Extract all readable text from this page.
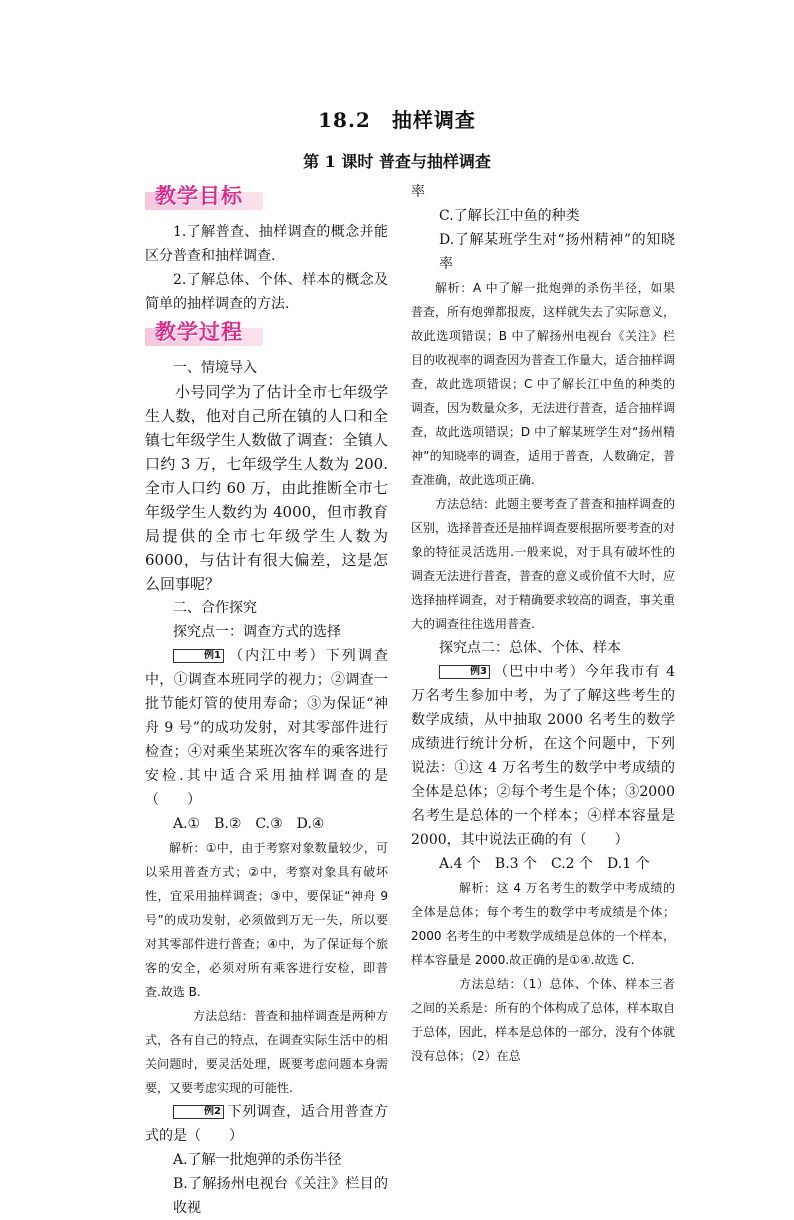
18.2　抽样调查
第 1 课时 普查与抽样调查
教学目标

1.了解普查、抽样调查的概念并能区分普查和抽样调查.

2.了解总体、个体、样本的概念及简单的抽样调查的方法.

教学过程

一、情境导入

小号同学为了估计全市七年级学生人数，他对自己所在镇的人口和全镇七年级学生人数做了调查：全镇人口约 3 万，七年级学生人数为 200.全市人口约 60 万，由此推断全市七年级学生人数约为 4000，但市教育局提供的全市七年级学生人数为 6000，与估计有很大偏差，这是怎么回事呢？

二、合作探究

探究点一：调查方式的选择

例1 （内江中考）下列调查中，①调查本班同学的视力；②调查一批节能灯管的使用寿命；③为保证“神舟 9 号”的成功发射，对其零部件进行检查；④对乘坐某班次客车的乘客进行安检.其中适合采用抽样调查的是（　　）

A.①　B.②　C.③　D.④

解析：①中，由于考察对象数量较少，可以采用普查方式；②中，考察对象具有破坏性，宜采用抽样调查；③中，要保证“神舟 9 号”的成功发射，必须做到万无一失，所以要对其零部件进行普查；④中，为了保证每个旅客的安全，必须对所有乘客进行安检，即普查.故选 B.

方法总结：普查和抽样调查是两种方式，各有自己的特点，在调查实际生活中的相关问题时，要灵活处理，既要考虑问题本身需要，又要考虑实现的可能性.

例2 下列调查，适合用普查方式的是（　　）

A.了解一批炮弹的杀伤半径

B.了解扬州电视台《关注》栏目的收视

率

C.了解长江中鱼的种类

D.了解某班学生对“扬州精神”的知晓率

解析：A 中了解一批炮弹的杀伤半径，如果普查，所有炮弹都报废，这样就失去了实际意义，故此选项错误；B 中了解扬州电视台《关注》栏目的收视率的调查因为普查工作量大，适合抽样调查，故此选项错误；C 中了解长江中鱼的种类的调查，因为数量众多，无法进行普查，适合抽样调查，故此选项错误；D 中了解某班学生对“扬州精神”的知晓率的调查，适用于普查，人数确定，普查准确，故此选项正确.

方法总结：此题主要考查了普查和抽样调查的区别，选择普查还是抽样调查要根据所要考查的对象的特征灵活选用.一般来说，对于具有破坏性的调查无法进行普查，普查的意义或价值不大时，应选择抽样调查，对于精确要求较高的调查，事关重大的调查往往选用普查.

探究点二：总体、个体、样本

例3 （巴中中考）今年我市有 4 万名考生参加中考，为了了解这些考生的数学成绩，从中抽取 2000 名考生的数学成绩进行统计分析，在这个问题中，下列说法：①这 4 万名考生的数学中考成绩的全体是总体；②每个考生是个体；③2000 名考生是总体的一个样本；④样本容量是 2000，其中说法正确的有（　　）

A.4 个　B.3 个　C.2 个　D.1 个

解析：这 4 万名考生的数学中考成绩的全体是总体；每个考生的数学中考成绩是个体；2000 名考生的中考数学成绩是总体的一个样本，样本容量是 2000.故正确的是①④.故选 C.

方法总结：（1）总体、个体、样本三者之间的关系是：所有的个体构成了总体，样本取自于总体，因此，样本是总体的一部分，没有个体就没有总体；（2）在总
